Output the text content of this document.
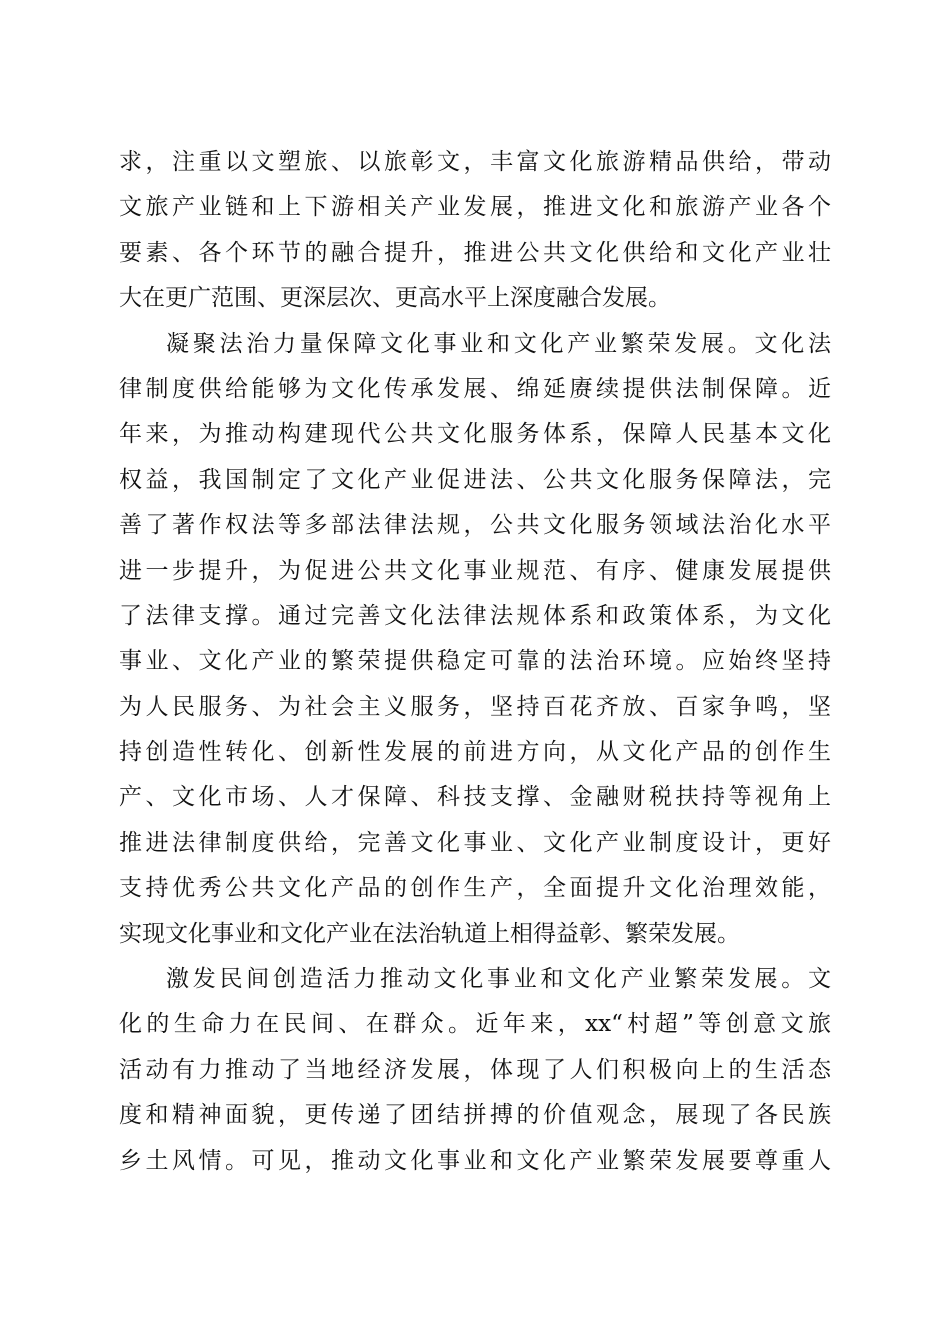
求，注重以文塑旅、以旅彰文，丰富文化旅游精品供给，带动
文旅产业链和上下游相关产业发展，推进文化和旅游产业各个
要素、各个环节的融合提升，推进公共文化供给和文化产业壮
大在更广范围、更深层次、更高水平上深度融合发展。
凝聚法治力量保障文化事业和文化产业繁荣发展。文化法
律制度供给能够为文化传承发展、绵延赓续提供法制保障。近
年来，为推动构建现代公共文化服务体系，保障人民基本文化
权益，我国制定了文化产业促进法、公共文化服务保障法，完
善了著作权法等多部法律法规，公共文化服务领域法治化水平
进一步提升，为促进公共文化事业规范、有序、健康发展提供
了法律支撑。通过完善文化法律法规体系和政策体系，为文化
事业、文化产业的繁荣提供稳定可靠的法治环境。应始终坚持
为人民服务、为社会主义服务，坚持百花齐放、百家争鸣，坚
持创造性转化、创新性发展的前进方向，从文化产品的创作生
产、文化市场、人才保障、科技支撑、金融财税扶持等视角上
推进法律制度供给，完善文化事业、文化产业制度设计，更好
支持优秀公共文化产品的创作生产，全面提升文化治理效能，
实现文化事业和文化产业在法治轨道上相得益彰、繁荣发展。
激发民间创造活力推动文化事业和文化产业繁荣发展。文
化的生命力在民间、在群众。近年来，xx“村超”等创意文旅
活动有力推动了当地经济发展，体现了人们积极向上的生活态
度和精神面貌，更传递了团结拼搏的价值观念，展现了各民族
乡土风情。可见，推动文化事业和文化产业繁荣发展要尊重人
